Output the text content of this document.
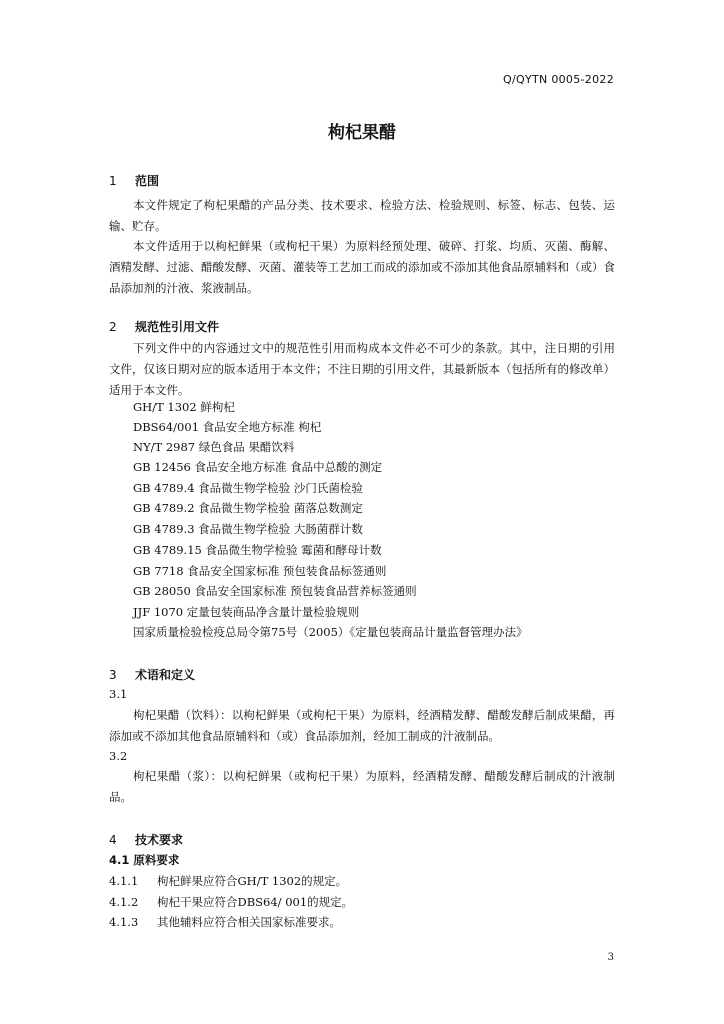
Q/QYTN 0005-2022
枸杞果醋
1 范围
本文件规定了枸杞果醋的产品分类、技术要求、检验方法、检验规则、标签、标志、包装、运输、贮存。
本文件适用于以枸杞鲜果（或枸杞干果）为原料经预处理、破碎、打浆、均质、灭菌、酶解、酒精发酵、过滤、醋酸发酵、灭菌、灌装等工艺加工而成的添加或不添加其他食品原辅料和（或）食品添加剂的汁液、浆液制品。
2 规范性引用文件
下列文件中的内容通过文中的规范性引用而构成本文件必不可少的条款。其中，注日期的引用文件，仅该日期对应的版本适用于本文件；不注日期的引用文件，其最新版本（包括所有的修改单）适用于本文件。
GH/T 1302 鲜枸杞
DBS64/001 食品安全地方标准 枸杞
NY/T 2987 绿色食品 果醋饮料
GB 12456 食品安全地方标准 食品中总酸的测定
GB 4789.4 食品微生物学检验 沙门氏菌检验
GB 4789.2 食品微生物学检验 菌落总数测定
GB 4789.3 食品微生物学检验 大肠菌群计数
GB 4789.15 食品微生物学检验 霉菌和酵母计数
GB 7718 食品安全国家标准 预包装食品标签通则
GB 28050 食品安全国家标准 预包装食品营养标签通则
JJF 1070 定量包装商品净含量计量检验规则
国家质量检验检疫总局令第75号（2005）《定量包装商品计量监督管理办法》
3 术语和定义
3.1
枸杞果醋（饮料）：以枸杞鲜果（或枸杞干果）为原料，经酒精发酵、醋酸发酵后制成果醋，再添加或不添加其他食品原辅料和（或）食品添加剂，经加工制成的汁液制品。
3.2
枸杞果醋（浆）：以枸杞鲜果（或枸杞干果）为原料，经酒精发酵、醋酸发酵后制成的汁液制品。
4 技术要求
4.1 原料要求
4.1.1 枸杞鲜果应符合GH/T 1302的规定。
4.1.2 枸杞干果应符合DBS64/ 001的规定。
4.1.3 其他辅料应符合相关国家标准要求。
3
